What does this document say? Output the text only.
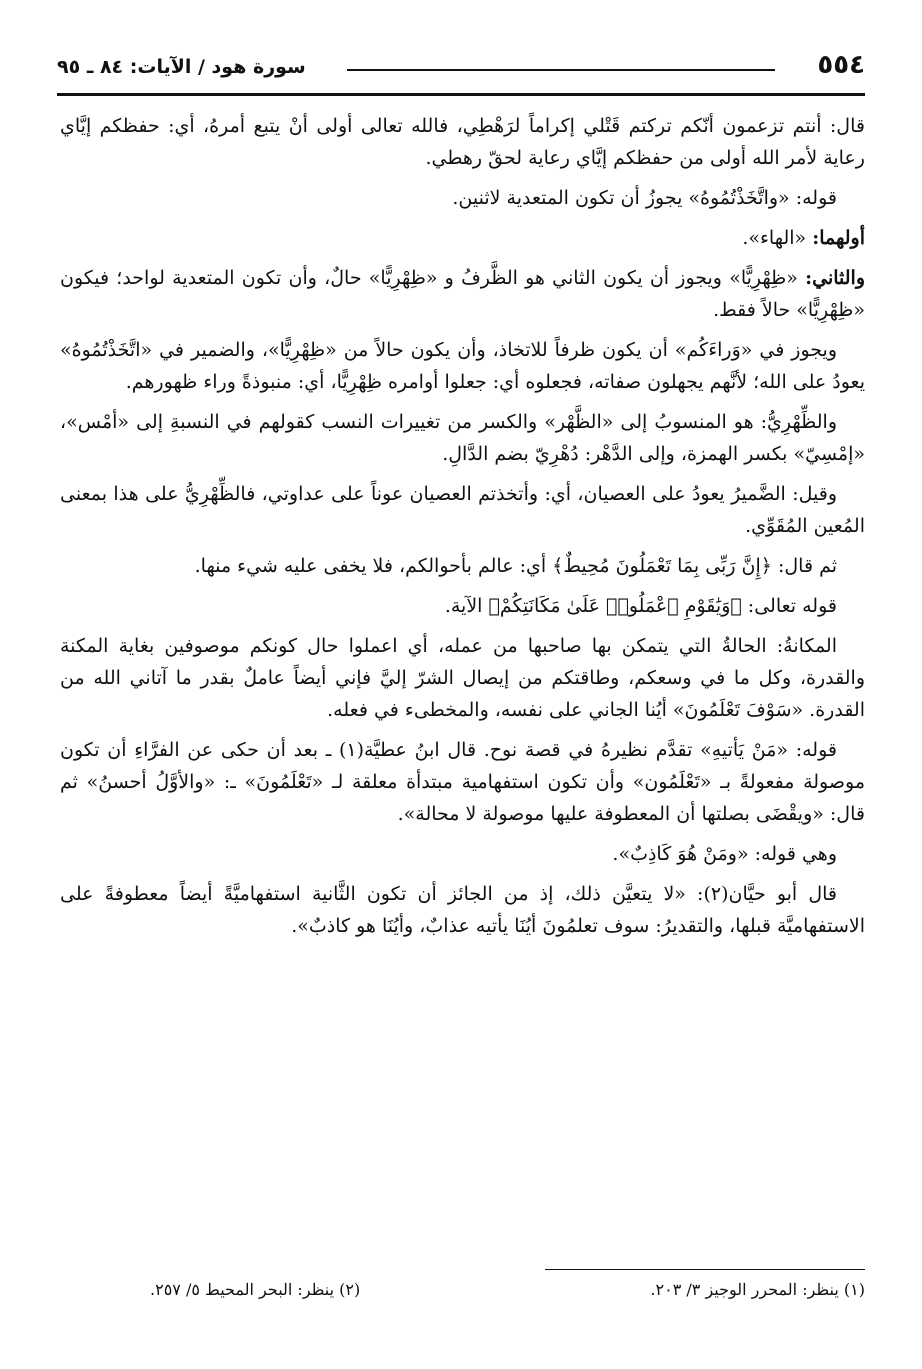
٥٥٤
سورة هود / الآيات: ٨٤ ـ ٩٥

قال: أنتم تزعمون أنّكم تركتم قَتْلي إكراماً لرَهْطِي، فالله تعالى أولى أنْ يتبع أمرهُ، أي: حفظكم إيَّاي رعاية لأمر الله أولى من حفظكم إيَّاي رعاية لحقّ رهطي.

قوله: «واتَّخَذْتُمُوهُ» يجوزُ أن تكون المتعدية لاثنين.

أولهما: «الهاء».

والثاني: «ظِهْرِيًّا» ويجوز أن يكون الثاني هو الظَّرفُ و «ظِهْرِيًّا» حالٌ، وأن تكون المتعدية لواحد؛ فيكون «ظِهْرِيًّا» حالاً فقط.

ويجوز في «وَراءَكُم» أن يكون ظرفاً للاتخاذ، وأن يكون حالاً من «ظِهْرِيًّا»، والضمير في «اتَّخَذْتُمُوهُ» يعودُ على الله؛ لأنَّهم يجهلون صفاته، فجعلوه أي: جعلوا أوامره ظِهْرِيًّا، أي: منبوذةً وراء ظهورهم.

والظِّهْرِيُّ: هو المنسوبُ إلى «الظَّهْر» والكسر من تغييرات النسب كقولهم في النسبةِ إلى «أمْس»، «إمْسِيّ» بكسر الهمزة، وإلى الدَّهْر: دُهْرِيّ بضم الدَّالِ.

وقيل: الضَّميرُ يعودُ على العصيان، أي: وأتخذتم العصيان عوناً على عداوتي، فالظِّهْرِيُّ على هذا بمعنى المُعين المُقَوِّي.

ثم قال: ﴿إِنَّ رَبِّى بِمَا تَعْمَلُونَ مُحِيطٌ﴾ أي: عالم بأحوالكم، فلا يخفى عليه شيء منها.

قوله تعالى: ﴿وَيَٰقَوْمِ ٱعْمَلُوا۟ عَلَىٰ مَكَانَتِكُمْ﴾ الآية.

المكانةُ: الحالةُ التي يتمكن بها صاحبها من عمله، أي اعملوا حال كونكم موصوفين بغاية المكنة والقدرة، وكل ما في وسعكم، وطاقتكم من إيصال الشرّ إليَّ فإني أيضاً عاملٌ بقدر ما آتاني الله من القدرة. «سَوْفَ تَعْلَمُونَ» أيُنا الجاني على نفسه، والمخطىء في فعله.

قوله: «مَنْ يَأتيهِ» تقدَّم نظيرهُ في قصة نوح. قال ابنُ عطيَّة(١) ـ بعد أن حكى عن الفرَّاءِ أن تكون موصولة مفعولةً بـ «تَعْلَمُون» وأن تكون استفهامية مبتدأة معلقة لـ «تَعْلَمُونَ» ـ: «والأوَّلُ أحسنُ» ثم قال: «ويقْضَى بصلتها أن المعطوفة عليها موصولة لا محالة».

وهي قوله: «ومَنْ هُوَ كَاذِبٌ».

قال أبو حيَّان(٢): «لا يتعيَّن ذلك، إذ من الجائز أن تكون الثَّانية استفهاميَّةً أيضاً معطوفةً على الاستفهاميَّة قبلها، والتقديرُ: سوف تعلمُونَ أيُنَا يأتيه عذابٌ، وأيُنَا هو كاذبٌ».

(١) ينظر: المحرر الوجيز ٣/ ٢٠٣.
(٢) ينظر: البحر المحيط ٥/ ٢٥٧.
